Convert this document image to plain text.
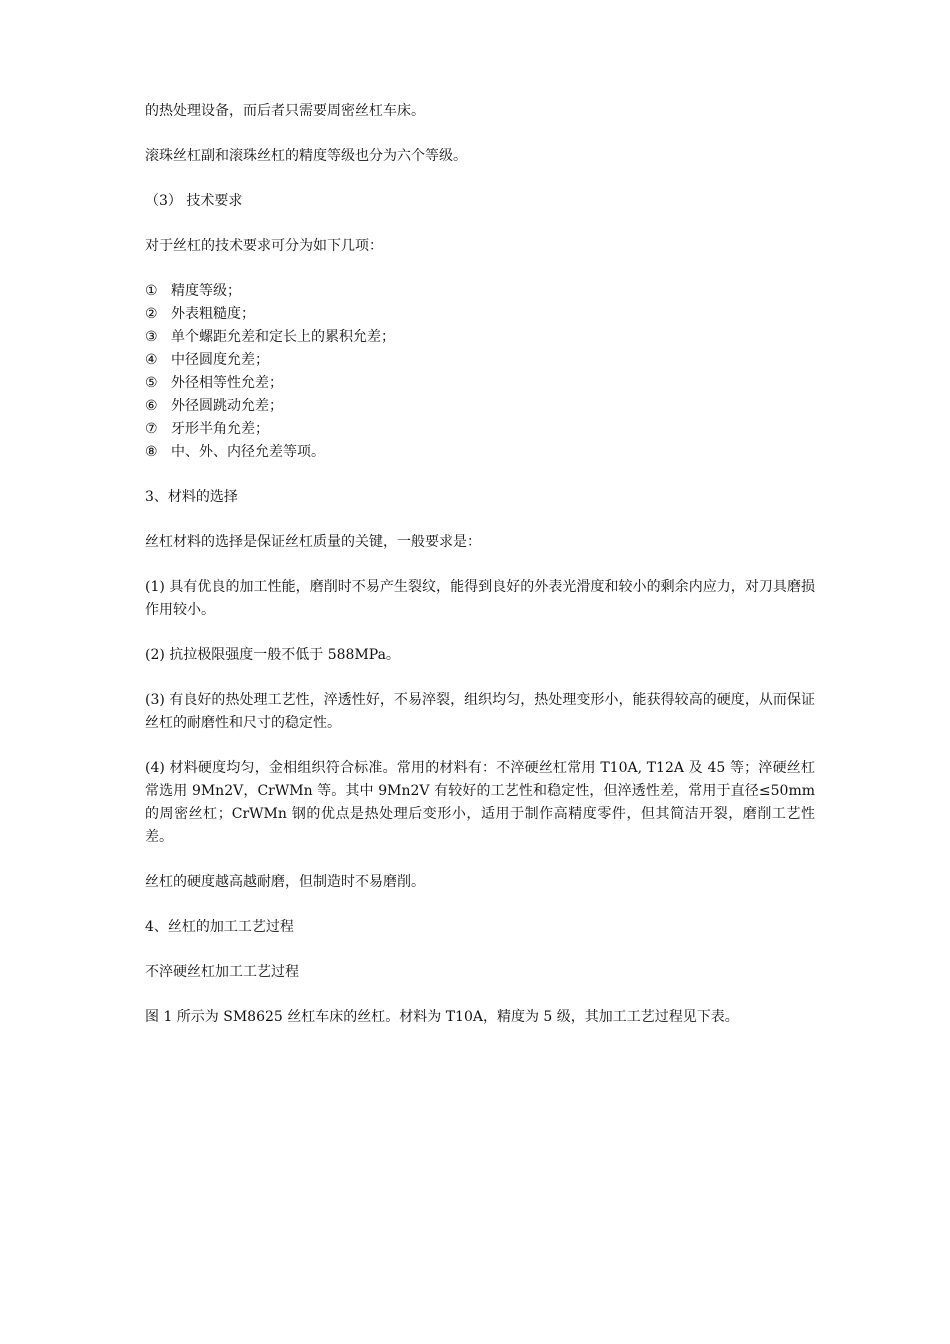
的热处理设备，而后者只需要周密丝杠车床。

滚珠丝杠副和滚珠丝杠的精度等级也分为六个等级。

（3） 技术要求

对于丝杠的技术要求可分为如下几项：

① 精度等级；
② 外表粗糙度；
③ 单个螺距允差和定长上的累积允差；
④ 中径圆度允差；
⑤ 外径相等性允差；
⑥ 外径圆跳动允差；
⑦ 牙形半角允差；
⑧ 中、外、内径允差等项。

3、材料的选择

丝杠材料的选择是保证丝杠质量的关键，一般要求是：

(1) 具有优良的加工性能，磨削时不易产生裂纹，能得到良好的外表光滑度和较小的剩余内应力，对刀具磨损作用较小。

(2) 抗拉极限强度一般不低于 588MPa。

(3) 有良好的热处理工艺性，淬透性好，不易淬裂，组织均匀，热处理变形小，能获得较高的硬度，从而保证丝杠的耐磨性和尺寸的稳定性。

(4) 材料硬度均匀，金相组织符合标准。常用的材料有：不淬硬丝杠常用 T10A, T12A 及 45 等；淬硬丝杠常选用 9Mn2V，CrWMn 等。其中 9Mn2V 有较好的工艺性和稳定性，但淬透性差，常用于直径≤50mm 的周密丝杠；CrWMn 钢的优点是热处理后变形小，适用于制作高精度零件，但其简洁开裂，磨削工艺性差。

丝杠的硬度越高越耐磨，但制造时不易磨削。

4、丝杠的加工工艺过程

不淬硬丝杠加工工艺过程

图 1 所示为 SM8625 丝杠车床的丝杠。材料为 T10A，精度为 5 级，其加工工艺过程见下表。
